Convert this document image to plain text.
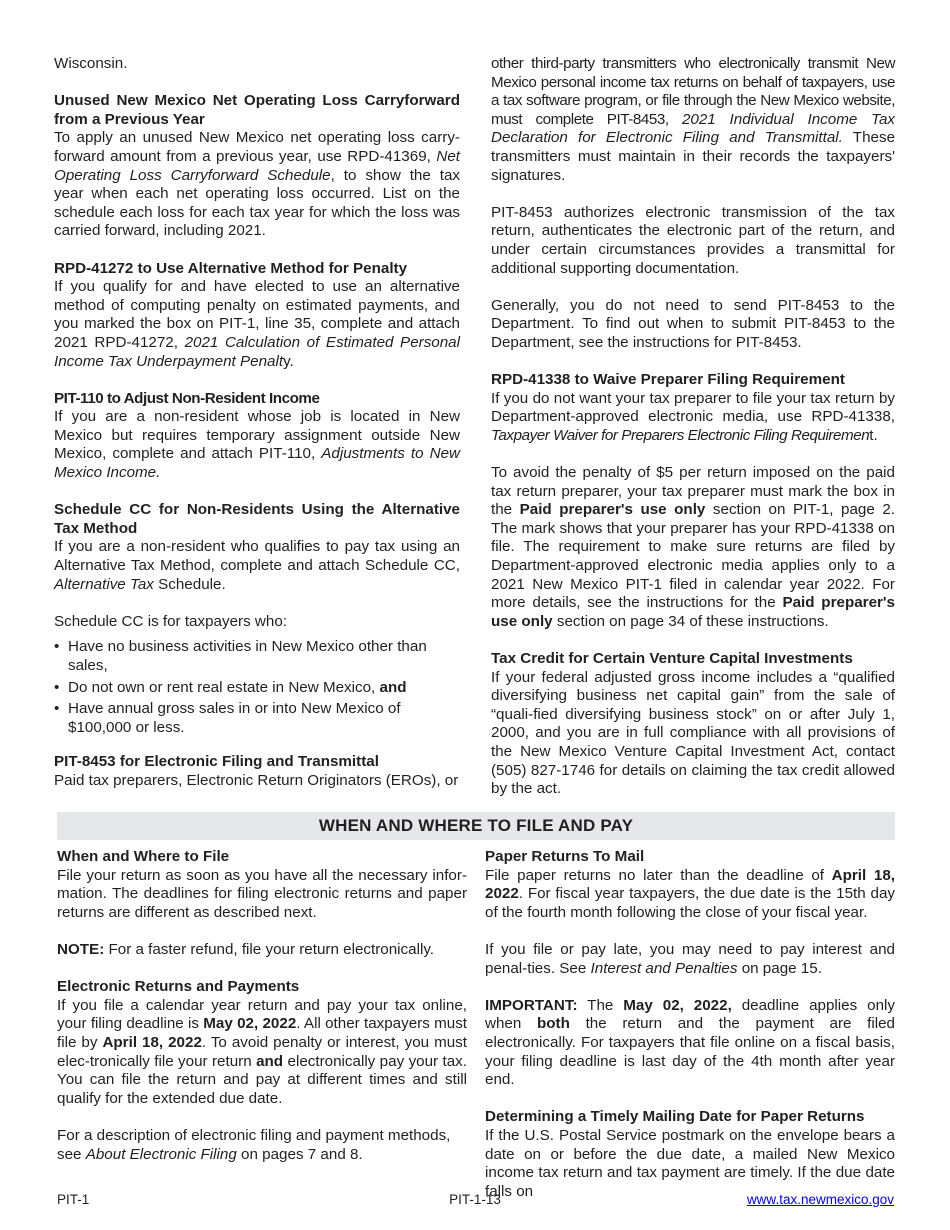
Wisconsin.

Unused New Mexico Net Operating Loss Carryforward from a Previous Year
To apply an unused New Mexico net operating loss carry-forward amount from a previous year, use RPD-41369, Net Operating Loss Carryforward Schedule, to show the tax year when each net operating loss occurred. List on the schedule each loss for each tax year for which the loss was carried forward, including 2021.

RPD-41272 to Use Alternative Method for Penalty
If you qualify for and have elected to use an alternative method of computing penalty on estimated payments, and you marked the box on PIT-1, line 35, complete and attach 2021 RPD-41272, 2021 Calculation of Estimated Personal Income Tax Underpayment Penalty.

PIT-110 to Adjust Non-Resident Income
If you are a non-resident whose job is located in New Mexico but requires temporary assignment outside New Mexico, complete and attach PIT-110, Adjustments to New Mexico Income.

Schedule CC for Non-Residents Using the Alternative Tax Method
If you are a non-resident who qualifies to pay tax using an Alternative Tax Method, complete and attach Schedule CC, Alternative Tax Schedule.

Schedule CC is for taxpayers who:

• Have no business activities in New Mexico other than sales,
• Do not own or rent real estate in New Mexico, and
• Have annual gross sales in or into New Mexico of $100,000 or less.

PIT-8453 for Electronic Filing and Transmittal
Paid tax preparers, Electronic Return Originators (EROs), or

other third-party transmitters who electronically transmit New Mexico personal income tax returns on behalf of taxpayers, use a tax software program, or file through the New Mexico website, must complete PIT-8453, 2021 Individual Income Tax Declaration for Electronic Filing and Transmittal. These transmitters must maintain in their records the taxpayers' signatures.

PIT-8453 authorizes electronic transmission of the tax return, authenticates the electronic part of the return, and under certain circumstances provides a transmittal for additional supporting documentation.

Generally, you do not need to send PIT-8453 to the Department. To find out when to submit PIT-8453 to the Department, see the instructions for PIT-8453.

RPD-41338 to Waive Preparer Filing Requirement
If you do not want your tax preparer to file your tax return by Department-approved electronic media, use RPD-41338, Taxpayer Waiver for Preparers Electronic Filing Requirement.

To avoid the penalty of $5 per return imposed on the paid tax return preparer, your tax preparer must mark the box in the Paid preparer's use only section on PIT-1, page 2. The mark shows that your preparer has your RPD-41338 on file. The requirement to make sure returns are filed by Department-approved electronic media applies only to a 2021 New Mexico PIT-1 filed in calendar year 2022. For more details, see the instructions for the Paid preparer's use only section on page 34 of these instructions.

Tax Credit for Certain Venture Capital Investments
If your federal adjusted gross income includes a “qualified diversifying business net capital gain” from the sale of “quali-fied diversifying business stock” on or after July 1, 2000, and you are in full compliance with all provisions of the New Mexico Venture Capital Investment Act, contact (505) 827-1746 for details on claiming the tax credit allowed by the act.

WHEN AND WHERE TO FILE AND PAY

When and Where to File
File your return as soon as you have all the necessary infor-mation. The deadlines for filing electronic returns and paper returns are different as described next.

NOTE: For a faster refund, file your return electronically.

Electronic Returns and Payments
If you file a calendar year return and pay your tax online, your filing deadline is May 02, 2022. All other taxpayers must file by April 18, 2022. To avoid penalty or interest, you must elec-tronically file your return and electronically pay your tax. You can file the return and pay at different times and still qualify for the extended due date.

For a description of electronic filing and payment methods, see About Electronic Filing on pages 7 and 8.

Paper Returns To Mail
File paper returns no later than the deadline of April 18, 2022. For fiscal year taxpayers, the due date is the 15th day of the fourth month following the close of your fiscal year.

If you file or pay late, you may need to pay interest and penal-ties. See Interest and Penalties on page 15.

IMPORTANT: The May 02, 2022, deadline applies only when both the return and the payment are filed electronically. For taxpayers that file online on a fiscal basis, your filing deadline is last day of the 4th month after year end.

Determining a Timely Mailing Date for Paper Returns
If the U.S. Postal Service postmark on the envelope bears a date on or before the due date, a mailed New Mexico income tax return and tax payment are timely. If the due date falls on

PIT-1	PIT-1-13	www.tax.newmexico.gov
